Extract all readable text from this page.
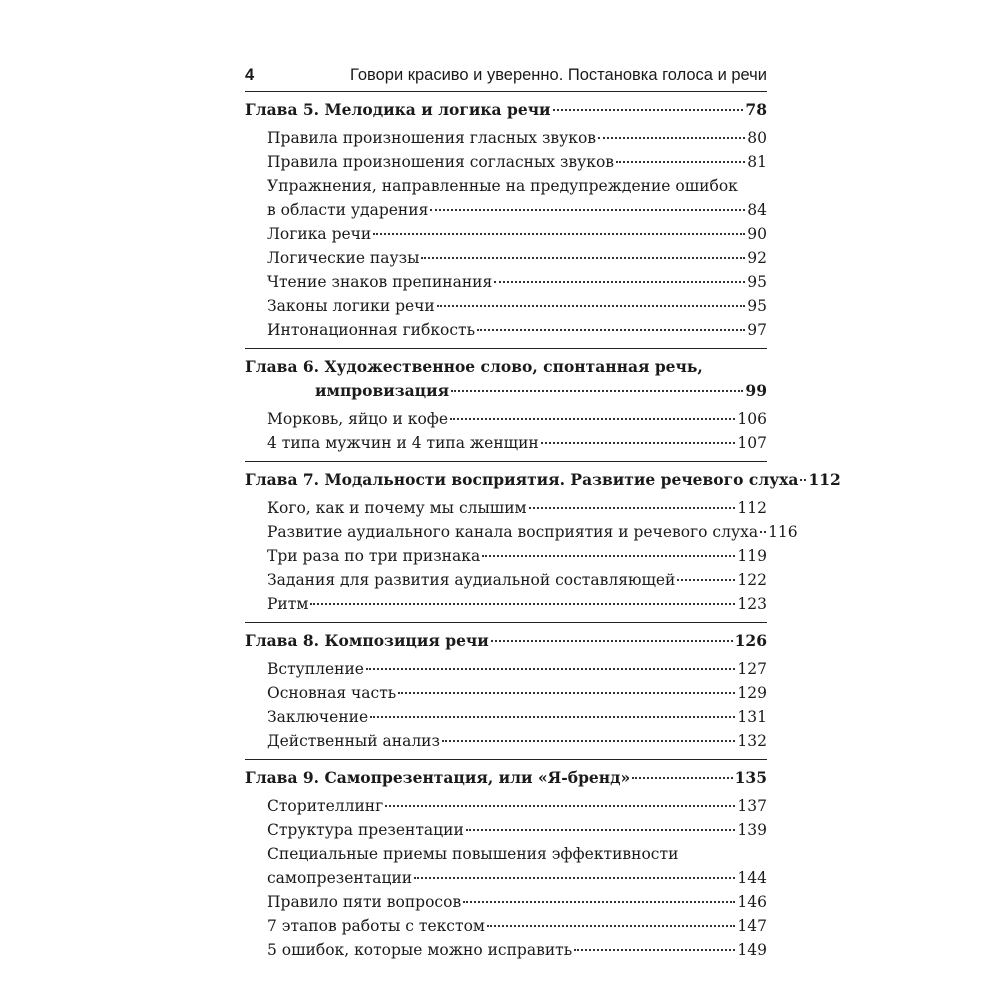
4	Говори красиво и уверенно. Постановка голоса и речи
Глава 5. Мелодика и логика речи	78
Правила произношения гласных звуков	80
Правила произношения согласных звуков	81
Упражнения, направленные на предупреждение ошибок
в области ударения	84
Логика речи	90
Логические паузы	92
Чтение знаков препинания	95
Законы логики речи	95
Интонационная гибкость	97
Глава 6. Художественное слово, спонтанная речь,
импровизация	99
Морковь, яйцо и кофе	106
4 типа мужчин и 4 типа женщин	107
Глава 7. Модальности восприятия. Развитие речевого слуха 112
Кого, как и почему мы слышим	112
Развитие аудиального канала восприятия и речевого слуха 116
Три раза по три признака	119
Задания для развития аудиальной составляющей	122
Ритм	123
Глава 8. Композиция речи	126
Вступление	127
Основная часть	129
Заключение	131
Действенный анализ	132
Глава 9. Самопрезентация, или «Я-бренд»	135
Сторителлинг	137
Структура презентации	139
Специальные приемы повышения эффективности
самопрезентации	144
Правило пяти вопросов	146
7 этапов работы с текстом	147
5 ошибок, которые можно исправить	149
